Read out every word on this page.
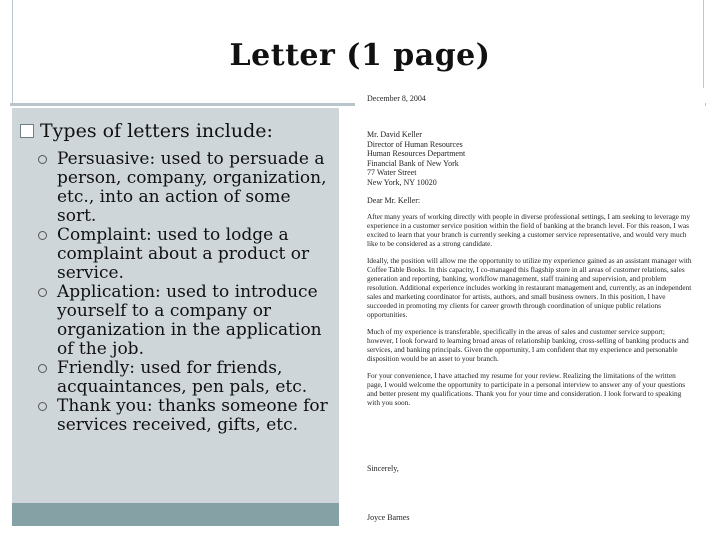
Letter (1 page)
Types of letters include:
Persuasive: used to persuade a person, company, organization, etc., into an action of some sort.
Complaint: used to lodge a complaint about a product or service.
Application: used to introduce yourself to a company or organization in the application of the job.
Friendly: used for friends, acquaintances, pen pals, etc.
Thank you: thanks someone for services received, gifts, etc.

December 8, 2004

Mr. David Keller

Director of Human Resources

Human Resources Department

Financial Bank of New York

77 Water Street

New York, NY 10020

Dear Mr. Keller:

After many years of working directly with people in diverse professional settings, I am seeking to leverage my experience in a customer service position within the field of banking at the branch level. For this reason, I was excited to learn that your branch is currently seeking a customer service representative, and would very much like to be considered as a strong candidate.

Ideally, the position will allow me the opportunity to utilize my experience gained as an assistant manager with Coffee Table Books. In this capacity, I co-managed this flagship store in all areas of customer relations, sales generation and reporting, banking, workflow management, staff training and supervision, and problem resolution. Additional experience includes working in restaurant management and, currently, as an independent sales and marketing coordinator for artists, authors, and small business owners. In this position, I have succeeded in promoting my clients for career growth through coordination of unique public relations opportunities.

Much of my experience is transferable, specifically in the areas of sales and customer service support; however, I look forward to learning broad areas of relationship banking, cross-selling of banking products and services, and banking principals. Given the opportunity, I am confident that my experience and personable disposition would be an asset to your branch.

For your convenience, I have attached my resume for your review. Realizing the limitations of the written page, I would welcome the opportunity to participate in a personal interview to answer any of your questions and better present my qualifications. Thank you for your time and consideration. I look forward to speaking with you soon.

Sincerely,

Joyce Barnes
